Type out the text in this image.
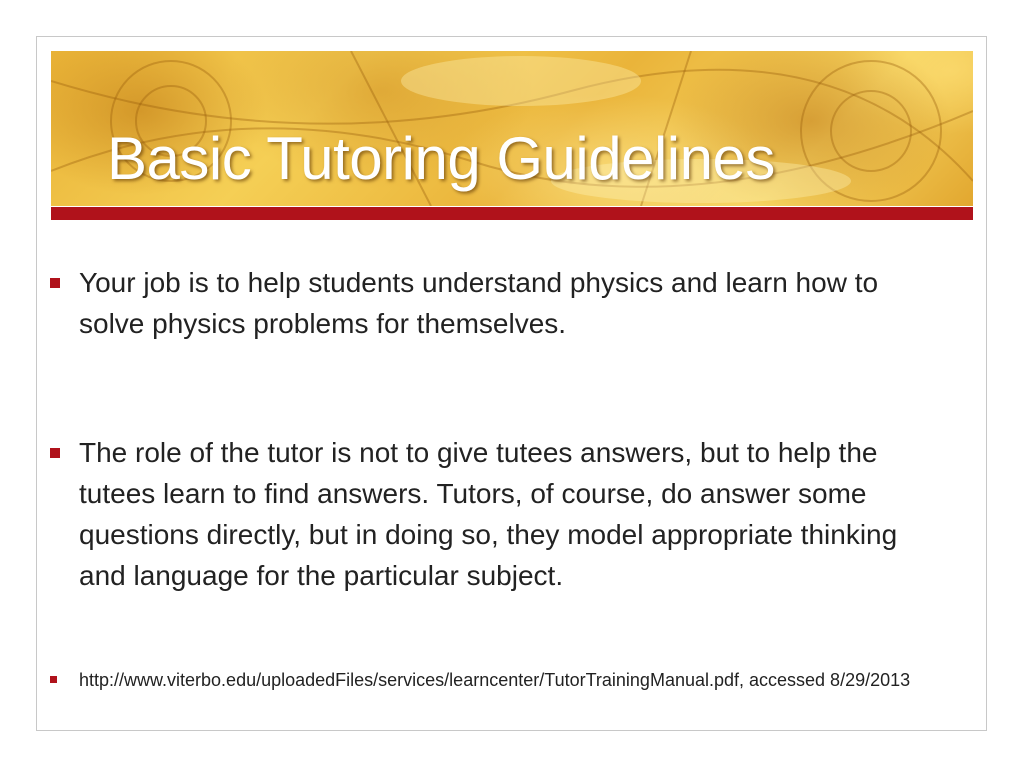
Basic Tutoring Guidelines
Your job is to help students understand physics and learn how to solve physics problems for themselves.
The role of the tutor is not to give tutees answers, but to help the tutees learn to find answers. Tutors, of course, do answer some questions directly, but in doing so, they model appropriate thinking and language for the particular subject.
http://www.viterbo.edu/uploadedFiles/services/learncenter/TutorTrainingManual.pdf, accessed 8/29/2013
